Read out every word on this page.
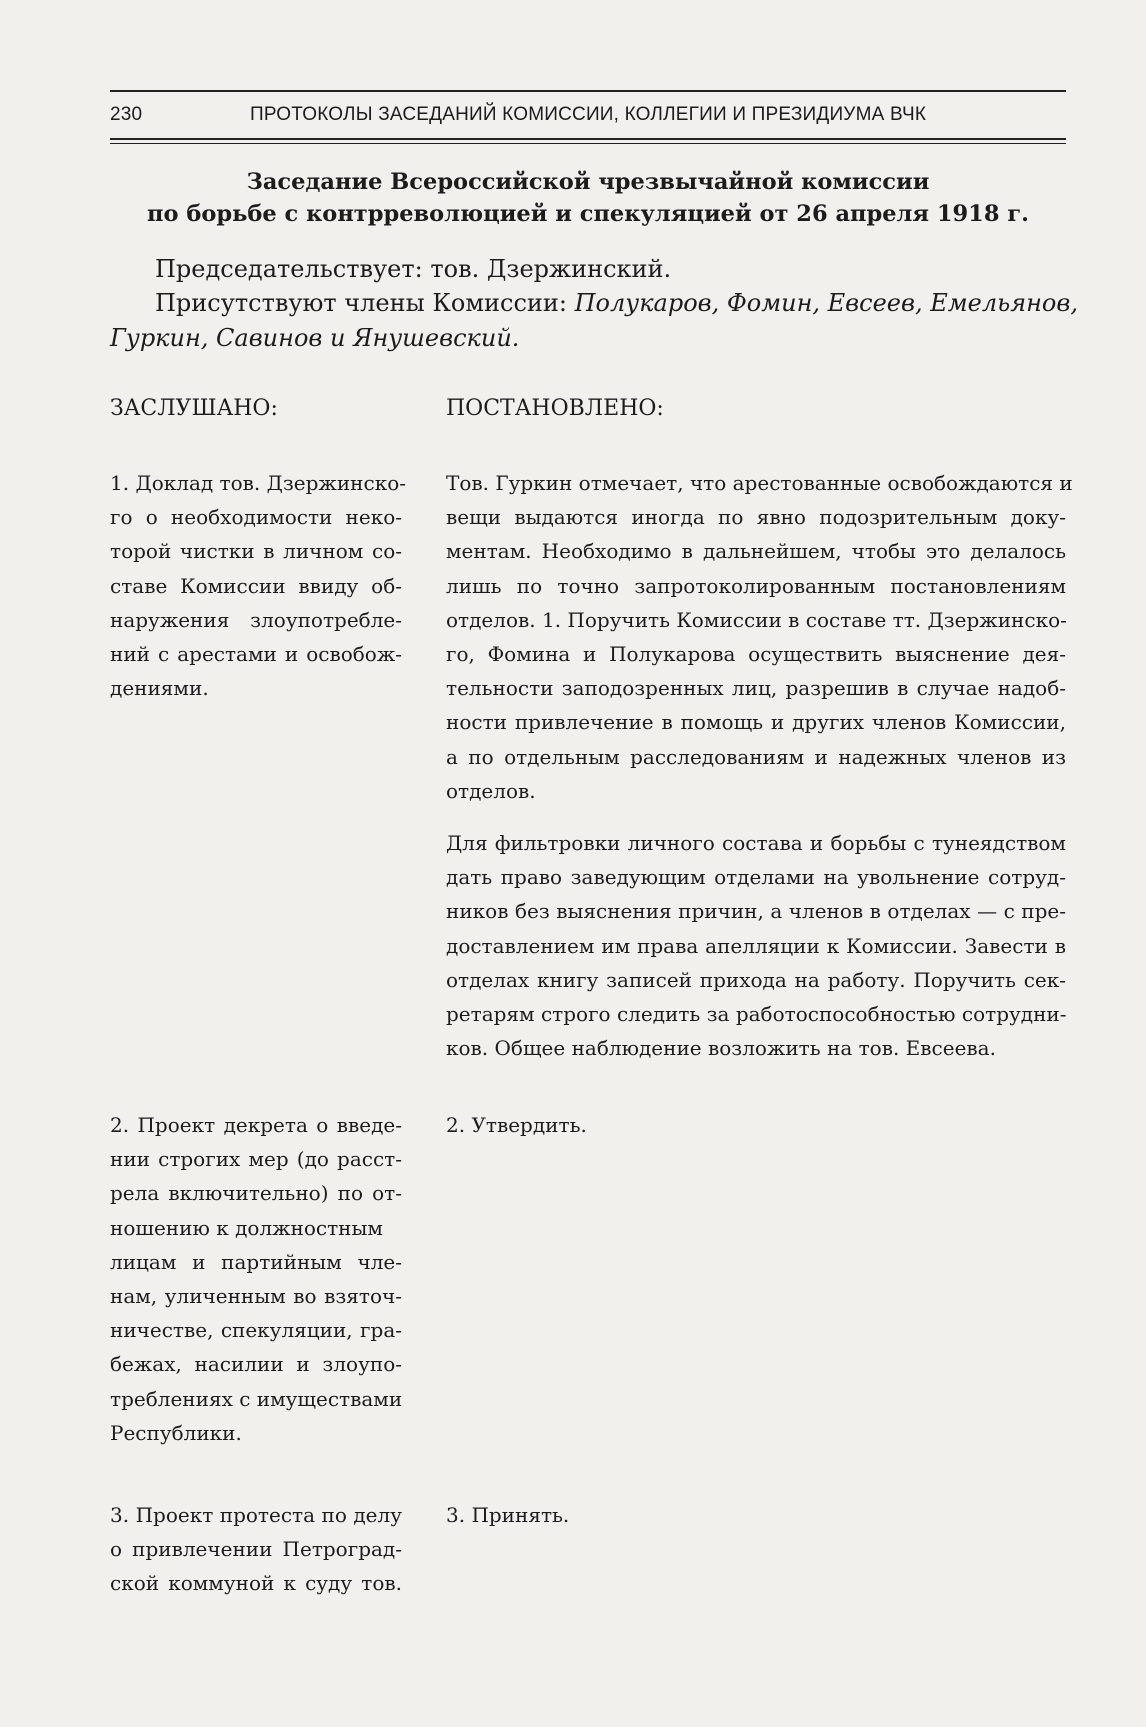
230	ПРОТОКОЛЫ ЗАСЕДАНИЙ КОМИССИИ, КОЛЛЕГИИ И ПРЕЗИДИУМА ВЧК
Заседание Всероссийской чрезвычайной комиссии
по борьбе с контрреволюцией и спекуляцией от 26 апреля 1918 г.
Председательствует: тов. Дзержинский.
Присутствуют члены Комиссии: Полукаров, Фомин, Евсеев, Емельянов,
Гуркин, Савинов и Янушевский.
ЗАСЛУШАНО:	ПОСТАНОВЛЕНО:
1. Доклад тов. Дзержинско-
го о необходимости неко-
торой чистки в личном со-
ставе Комиссии ввиду об-
наружения злоупотребле-
ний с арестами и освобож-
дениями.
Тов. Гуркин отмечает, что арестованные освобождаются и
вещи выдаются иногда по явно подозрительным доку-
ментам. Необходимо в дальнейшем, чтобы это делалось
лишь по точно запротоколированным постановлениям
отделов. 1. Поручить Комиссии в составе тт. Дзержинско-
го, Фомина и Полукарова осуществить выяснение дея-
тельности заподозренных лиц, разрешив в случае надоб-
ности привлечение в помощь и других членов Комиссии,
а по отдельным расследованиям и надежных членов из
отделов.
Для фильтровки личного состава и борьбы с тунеядством
дать право заведующим отделами на увольнение сотруд-
ников без выяснения причин, а членов в отделах — с пре-
доставлением им права апелляции к Комиссии. Завести в
отделах книгу записей прихода на работу. Поручить сек-
ретарям строго следить за работоспособностью сотрудни-
ков. Общее наблюдение возложить на тов. Евсеева.
2. Проект декрета о введе-
нии строгих мер (до расст-
рела включительно) по от-
ношению к должностным
лицам и партийным чле-
нам, уличенным во взяточ-
ничестве, спекуляции, гра-
бежах, насилии и злоупо-
треблениях с имуществами
Республики.
2. Утвердить.
3. Проект протеста по делу
о привлечении Петроград-
ской коммуной к суду тов.
3. Принять.
